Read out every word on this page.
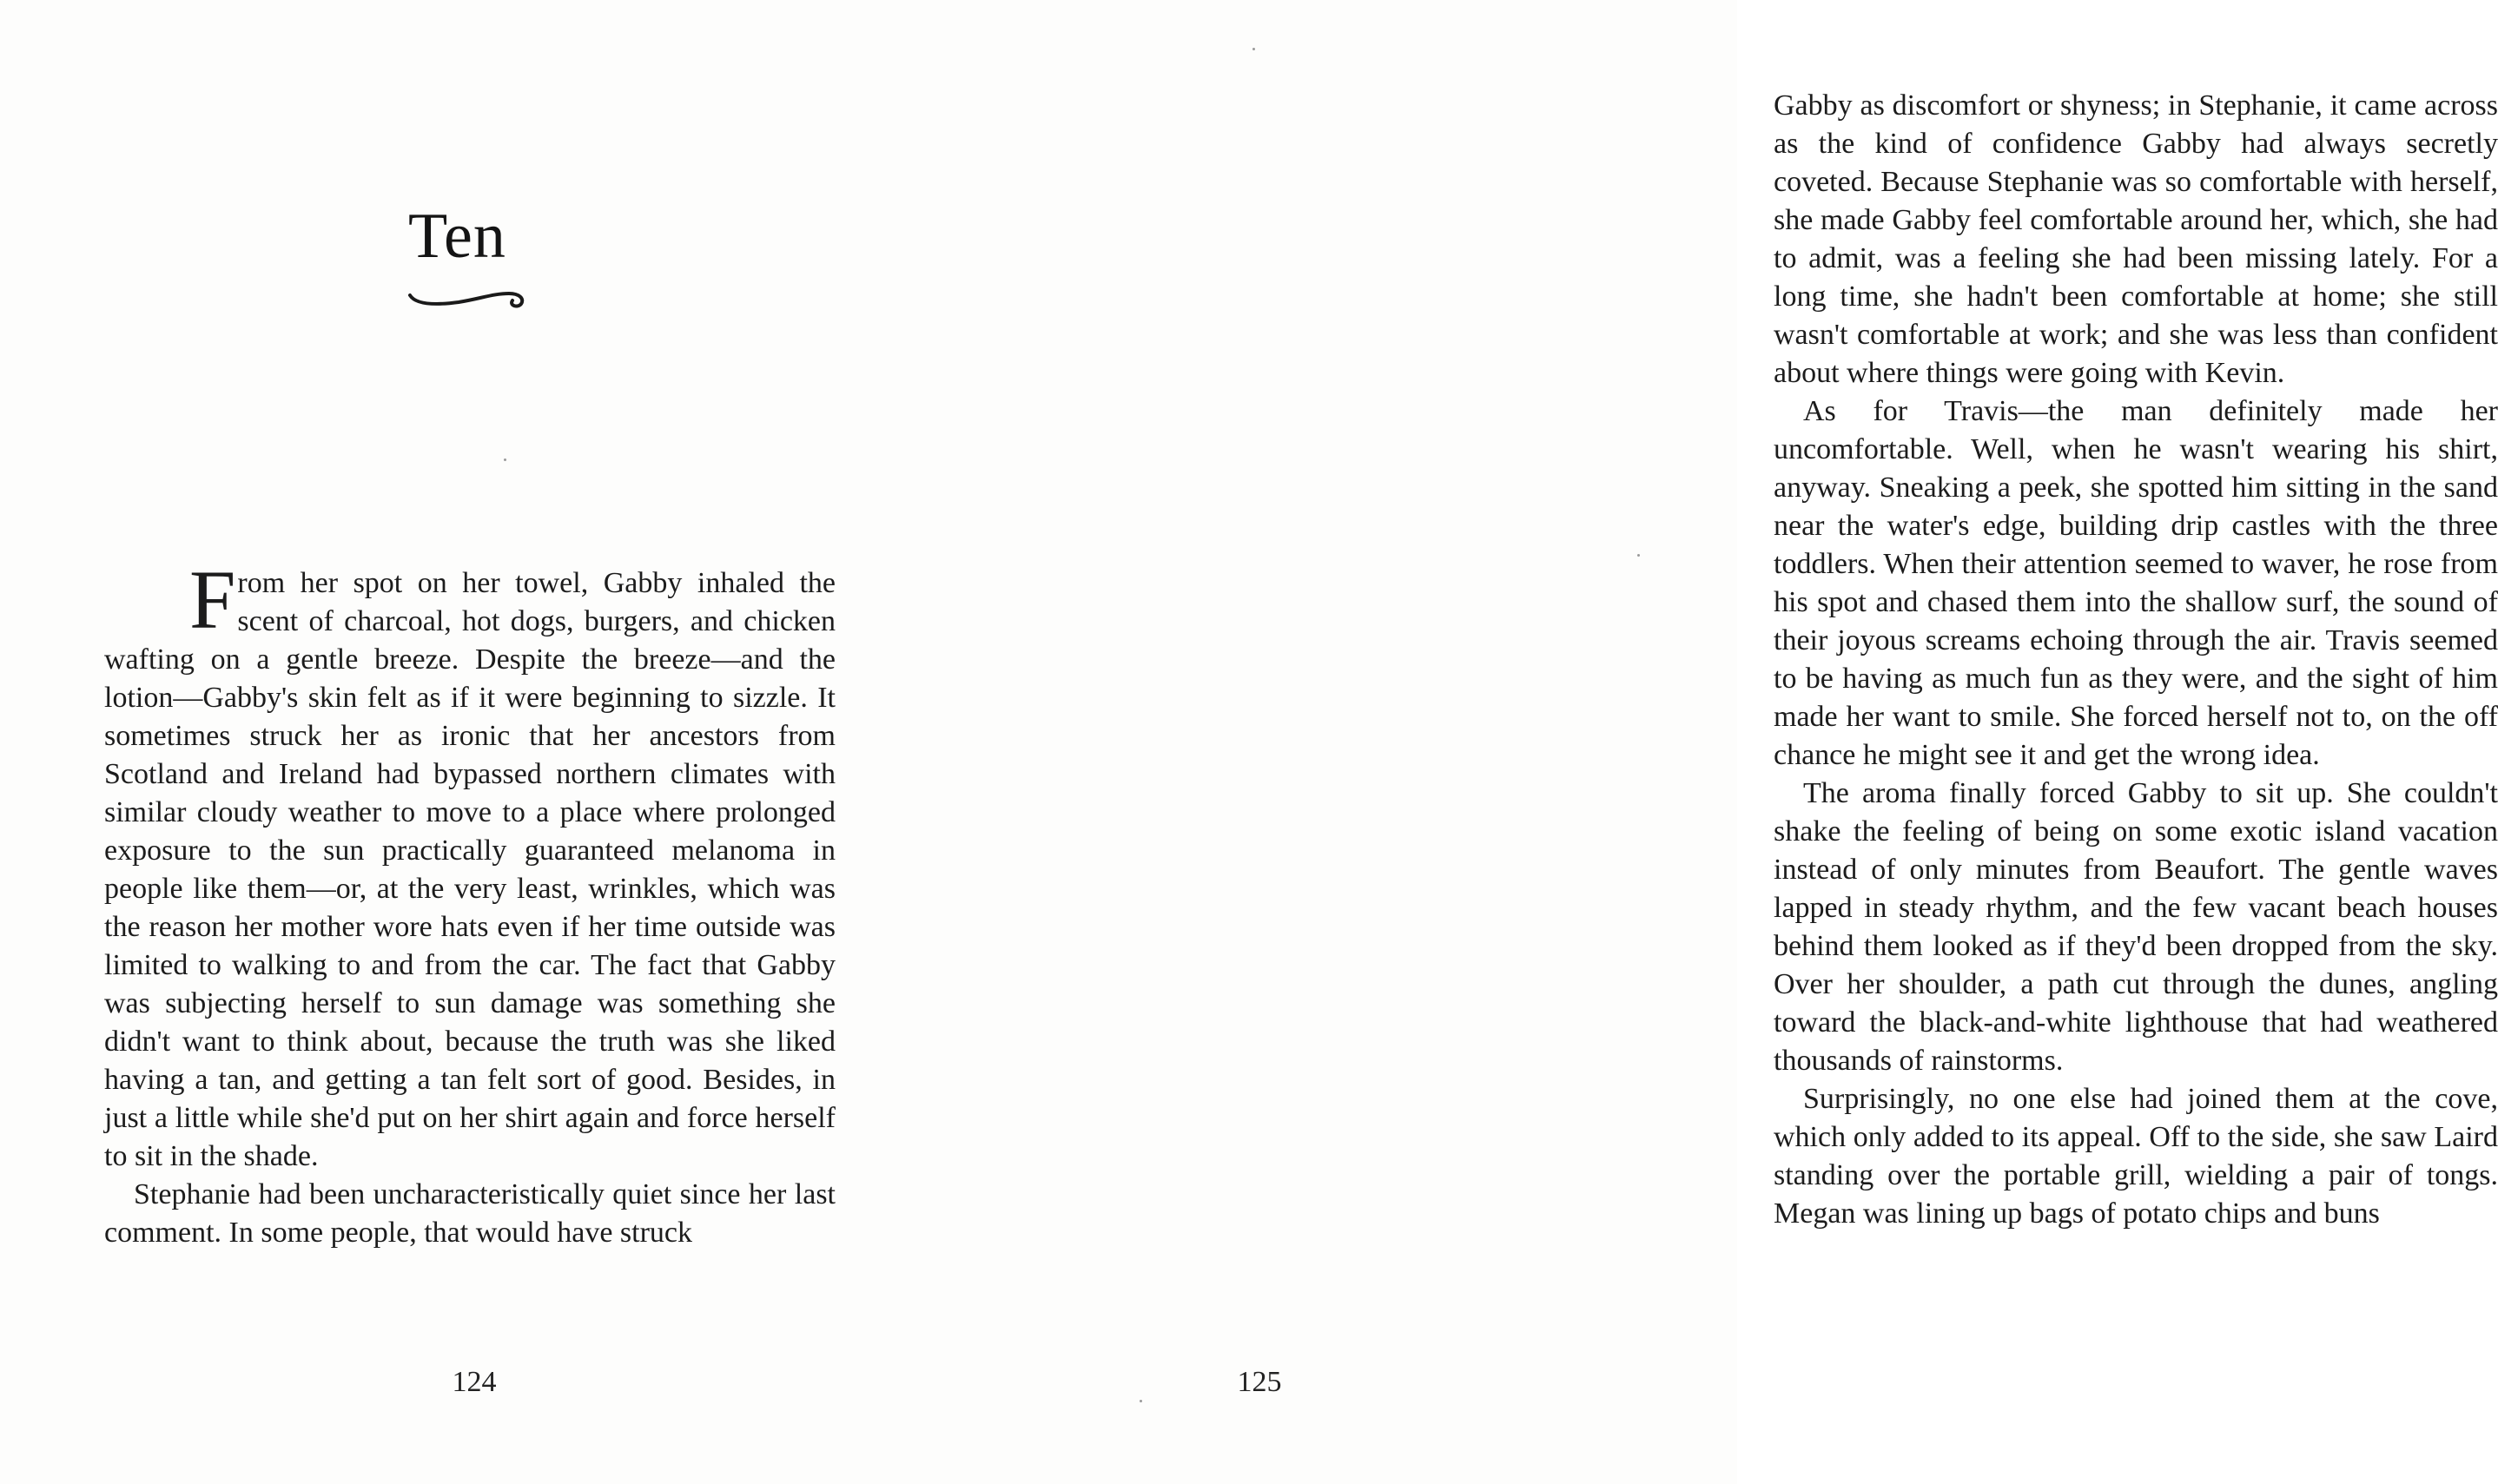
Ten

From her spot on her towel, Gabby inhaled the scent of charcoal, hot dogs, burgers, and chicken wafting on a gentle breeze. Despite the breeze—and the lotion—Gabby's skin felt as if it were beginning to sizzle. It sometimes struck her as ironic that her ancestors from Scotland and Ireland had bypassed northern climates with similar cloudy weather to move to a place where prolonged exposure to the sun practically guaranteed melanoma in people like them—or, at the very least, wrinkles, which was the reason her mother wore hats even if her time outside was limited to walking to and from the car. The fact that Gabby was subjecting herself to sun damage was something she didn't want to think about, because the truth was she liked having a tan, and getting a tan felt sort of good. Besides, in just a little while she'd put on her shirt again and force herself to sit in the shade.

Stephanie had been uncharacteristically quiet since her last comment. In some people, that would have struck

124

Gabby as discomfort or shyness; in Stephanie, it came across as the kind of confidence Gabby had always secretly coveted. Because Stephanie was so comfortable with herself, she made Gabby feel comfortable around her, which, she had to admit, was a feeling she had been missing lately. For a long time, she hadn't been comfortable at home; she still wasn't comfortable at work; and she was less than confident about where things were going with Kevin.

As for Travis—the man definitely made her uncomfortable. Well, when he wasn't wearing his shirt, anyway. Sneaking a peek, she spotted him sitting in the sand near the water's edge, building drip castles with the three toddlers. When their attention seemed to waver, he rose from his spot and chased them into the shallow surf, the sound of their joyous screams echoing through the air. Travis seemed to be having as much fun as they were, and the sight of him made her want to smile. She forced herself not to, on the off chance he might see it and get the wrong idea.

The aroma finally forced Gabby to sit up. She couldn't shake the feeling of being on some exotic island vacation instead of only minutes from Beaufort. The gentle waves lapped in steady rhythm, and the few vacant beach houses behind them looked as if they'd been dropped from the sky. Over her shoulder, a path cut through the dunes, angling toward the black-and-white lighthouse that had weathered thousands of rainstorms.

Surprisingly, no one else had joined them at the cove, which only added to its appeal. Off to the side, she saw Laird standing over the portable grill, wielding a pair of tongs. Megan was lining up bags of potato chips and buns

125
